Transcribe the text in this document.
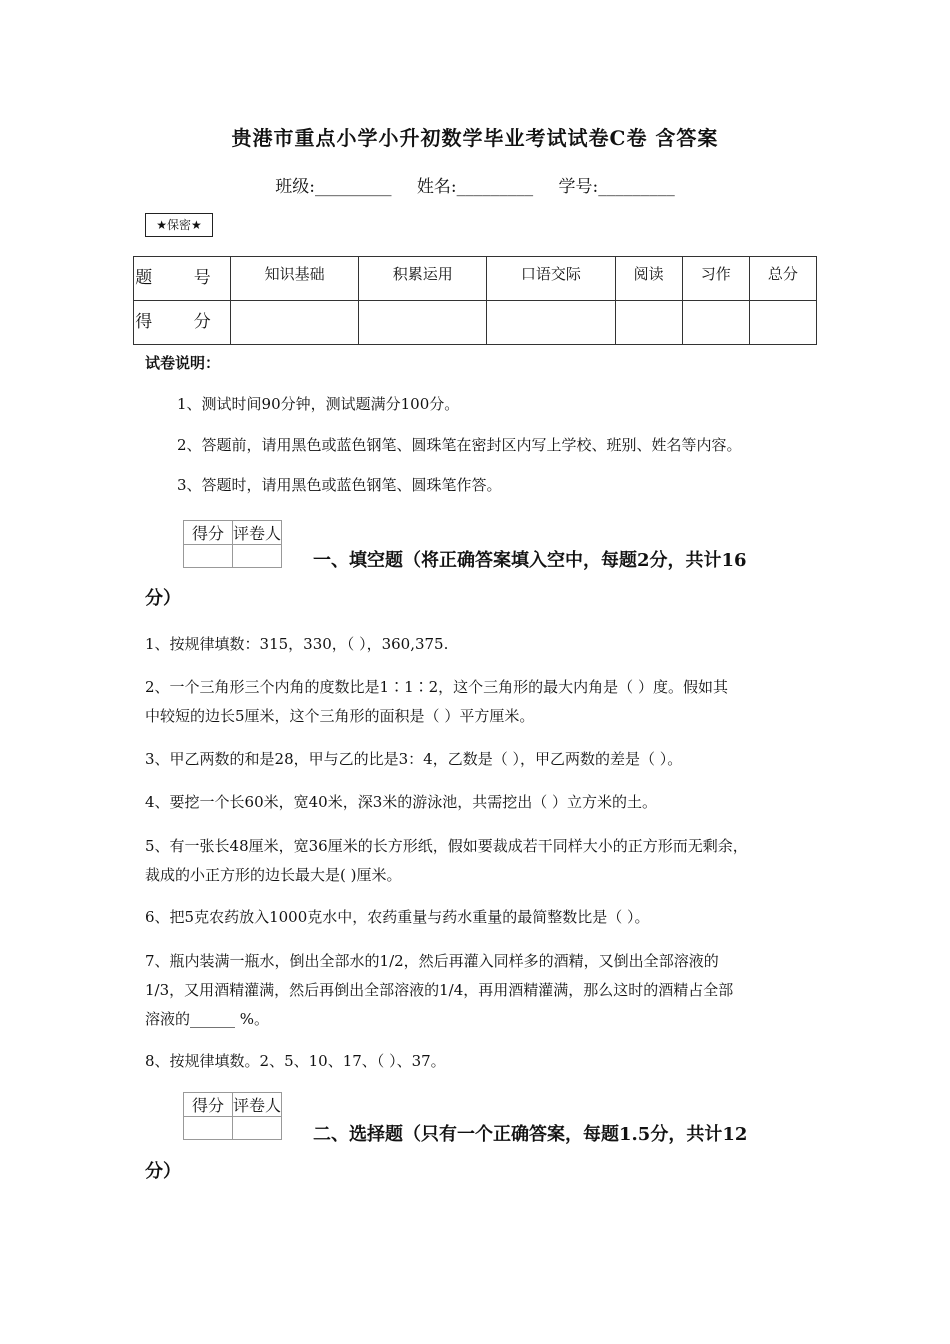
贵港市重点小学小升初数学毕业考试试卷C卷 含答案
班级:_________ 姓名:_________ 学号:_________
★保密★
题 号	知识基础	积累运用	口语交际	阅读	习作	总分
得 分						
试卷说明：
1、测试时间90分钟，测试题满分100分。
2、答题前，请用黑色或蓝色钢笔、圆珠笔在密封区内写上学校、班别、姓名等内容。
3、答题时，请用黑色或蓝色钢笔、圆珠笔作答。
得分	评卷人

一、填空题（将正确答案填入空中，每题2分，共计16
分）
1、按规律填数：315，330，（ ），360,375.
2、一个三角形三个内角的度数比是1∶1∶2，这个三角形的最大内角是（ ）度。假如其
中较短的边长5厘米，这个三角形的面积是（ ）平方厘米。
3、甲乙两数的和是28，甲与乙的比是3：4，乙数是（ ），甲乙两数的差是（ ）。
4、要挖一个长60米，宽40米，深3米的游泳池，共需挖出（ ）立方米的土。
5、有一张长48厘米，宽36厘米的长方形纸，假如要裁成若干同样大小的正方形而无剩余，
裁成的小正方形的边长最大是( )厘米。
6、把5克农药放入1000克水中，农药重量与药水重量的最简整数比是（ ）。
7、瓶内装满一瓶水，倒出全部水的1/2，然后再灌入同样多的酒精，又倒出全部溶液的
1/3，又用酒精灌满，然后再倒出全部溶液的1/4，再用酒精灌满，那么这时的酒精占全部
溶液的______ %。
8、按规律填数。2、5、10、17、（ ）、37。
得分	评卷人

二、选择题（只有一个正确答案，每题1.5分，共计12
分）
